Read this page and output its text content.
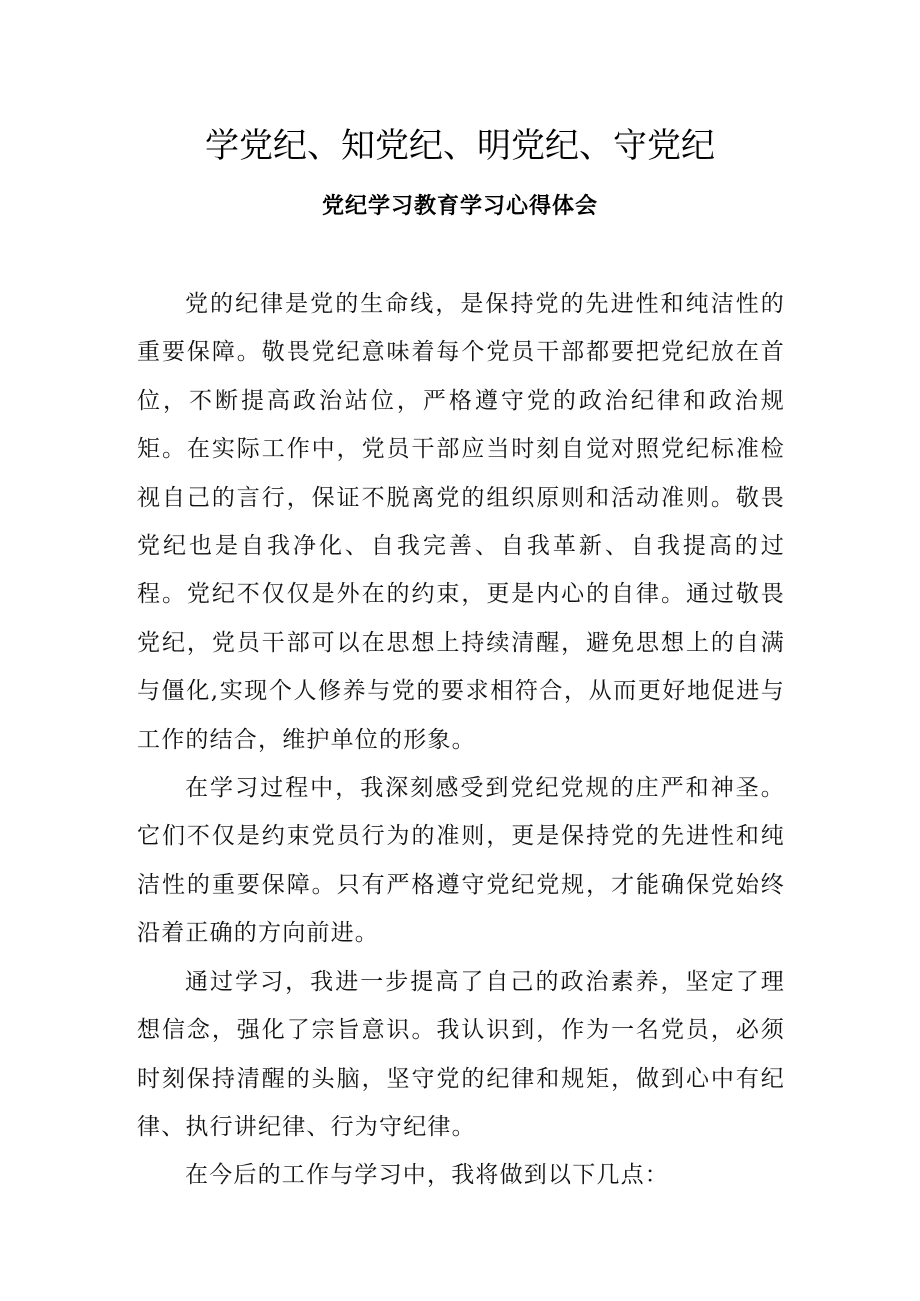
学党纪、知党纪、明党纪、守党纪
党纪学习教育学习心得体会

党的纪律是党的生命线，是保持党的先进性和纯洁性的重要保障。敬畏党纪意味着每个党员干部都要把党纪放在首位，不断提高政治站位，严格遵守党的政治纪律和政治规矩。在实际工作中，党员干部应当时刻自觉对照党纪标准检视自己的言行，保证不脱离党的组织原则和活动准则。敬畏党纪也是自我净化、自我完善、自我革新、自我提高的过程。党纪不仅仅是外在的约束，更是内心的自律。通过敬畏党纪，党员干部可以在思想上持续清醒，避免思想上的自满与僵化,实现个人修养与党的要求相符合，从而更好地促进与工作的结合，维护单位的形象。

在学习过程中，我深刻感受到党纪党规的庄严和神圣。它们不仅是约束党员行为的准则，更是保持党的先进性和纯洁性的重要保障。只有严格遵守党纪党规，才能确保党始终沿着正确的方向前进。

通过学习，我进一步提高了自己的政治素养，坚定了理想信念，强化了宗旨意识。我认识到，作为一名党员，必须时刻保持清醒的头脑，坚守党的纪律和规矩，做到心中有纪律、执行讲纪律、行为守纪律。

在今后的工作与学习中，我将做到以下几点：
